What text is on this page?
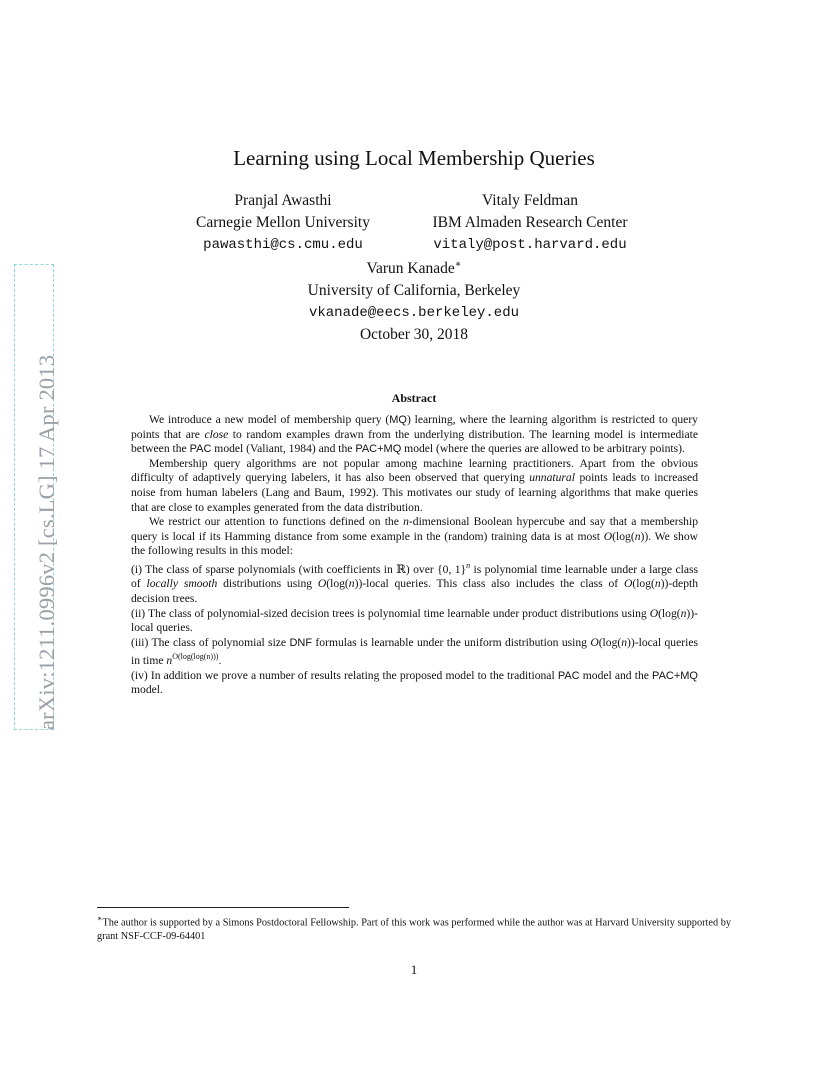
arXiv:1211.0996v2 [cs.LG] 17 Apr 2013
Learning using Local Membership Queries
Pranjal Awasthi
Carnegie Mellon University
pawasthi@cs.cmu.edu
Vitaly Feldman
IBM Almaden Research Center
vitaly@post.harvard.edu
Varun Kanade∗
University of California, Berkeley
vkanade@eecs.berkeley.edu
October 30, 2018
Abstract

We introduce a new model of membership query (MQ) learning, where the learning algorithm is restricted to query points that are close to random examples drawn from the underlying distribution. The learning model is intermediate between the PAC model (Valiant, 1984) and the PAC+MQ model (where the queries are allowed to be arbitrary points).

Membership query algorithms are not popular among machine learning practitioners. Apart from the obvious difficulty of adaptively querying labelers, it has also been observed that querying unnatural points leads to increased noise from human labelers (Lang and Baum, 1992). This motivates our study of learning algorithms that make queries that are close to examples generated from the data distribution.

We restrict our attention to functions defined on the n-dimensional Boolean hypercube and say that a membership query is local if its Hamming distance from some example in the (random) training data is at most O(log(n)). We show the following results in this model:

(i) The class of sparse polynomials (with coefficients in ℝ) over {0, 1}$^n$ is polynomial time learnable under a large class of locally smooth distributions using O(log(n))-local queries. This class also includes the class of O(log(n))-depth decision trees.

(ii) The class of polynomial-sized decision trees is polynomial time learnable under product distributions using O(log(n))-local queries.

(iii) The class of polynomial size DNF formulas is learnable under the uniform distribution using O(log(n))-local queries in time $n^{O(log(log(n)))}$.

(iv) In addition we prove a number of results relating the proposed model to the traditional PAC model and the PAC+MQ model.

∗The author is supported by a Simons Postdoctoral Fellowship. Part of this work was performed while the author was at Harvard University supported by grant NSF-CCF-09-64401
1
